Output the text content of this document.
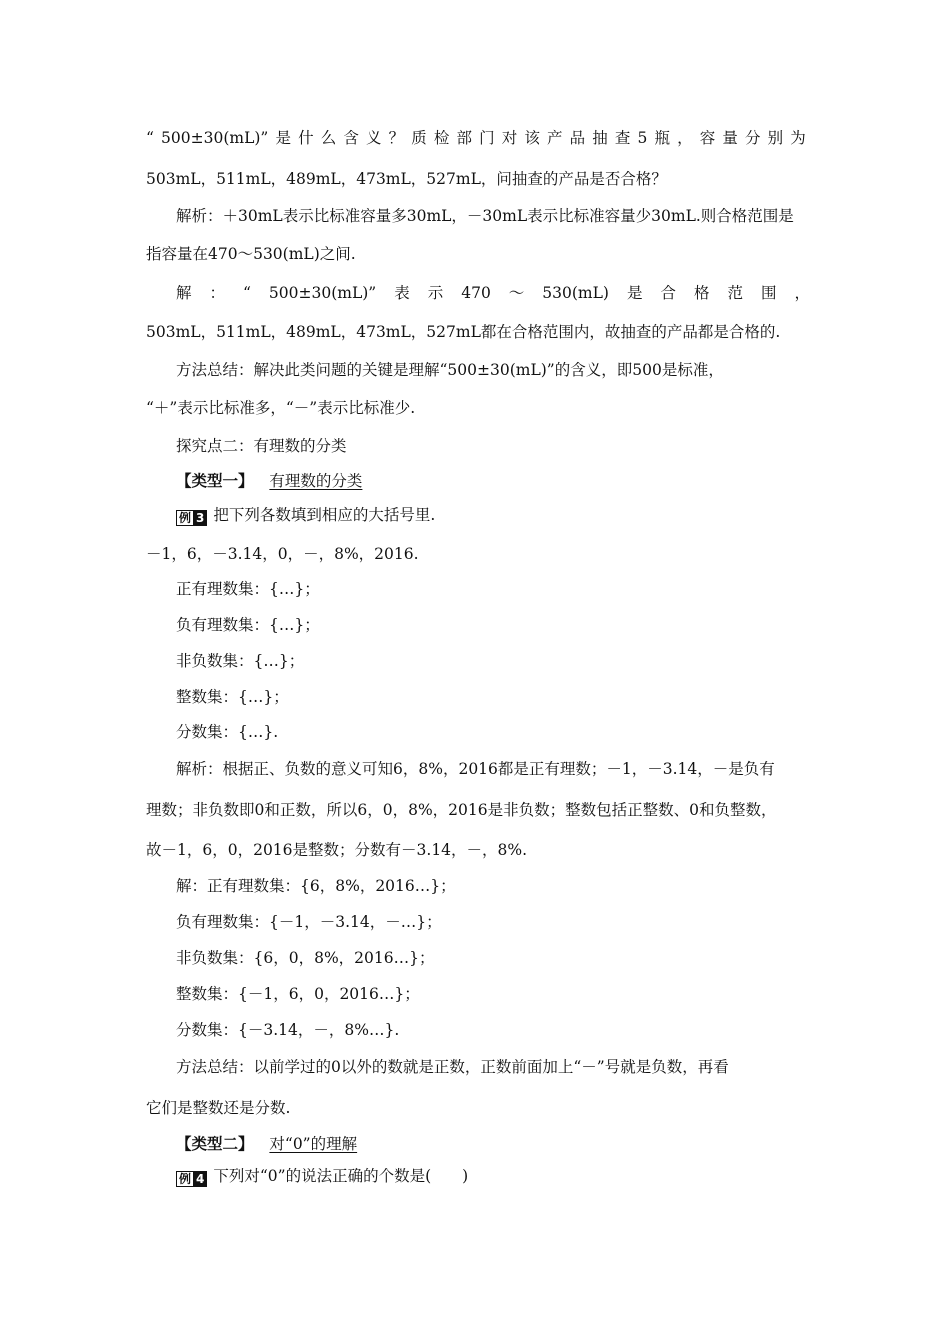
“ 500±30(mL)” 是 什 么 含 义 ？ 质 检 部 门 对 该 产 品 抽 查 5 瓶 ， 容 量 分 别 为
503mL，511mL，489mL，473mL，527mL，问抽查的产品是否合格？
解析：＋30mL表示比标准容量多30mL，－30mL表示比标准容量少30mL.则合格范围是
指容量在470～530(mL)之间.
解 ： “ 500±30(mL)” 表 示 470 ～ 530(mL) 是 合 格 范 围 ，
503mL，511mL，489mL，473mL，527mL都在合格范围内，故抽查的产品都是合格的.
方法总结：解决此类问题的关键是理解“500±30(mL)”的含义，即500是标准，
“＋”表示比标准多，“－”表示比标准少.
探究点二：有理数的分类
【类型一】 有理数的分类
例 3 把下列各数填到相应的大括号里.
－1，6，－3.14，0，－，8%，2016.
正有理数集：{…}；
负有理数集：{…}；
非负数集：{…}；
整数集：{…}；
分数集：{…}.
解析：根据正、负数的意义可知6，8%，2016都是正有理数；－1，－3.14，－是负有
理数；非负数即0和正数，所以6，0，8%，2016是非负数；整数包括正整数、0和负整数，
故－1，6，0，2016是整数；分数有－3.14，－，8%.
解：正有理数集：{6，8%，2016…}；
负有理数集：{－1，－3.14，－…}；
非负数集：{6，0，8%，2016…}；
整数集：{－1，6，0，2016…}；
分数集：{－3.14，－，8%…}.
方法总结：以前学过的0以外的数就是正数，正数前面加上“－”号就是负数，再看
它们是整数还是分数.
【类型二】 对“0”的理解
例 4 下列对“0”的说法正确的个数是(　　)
